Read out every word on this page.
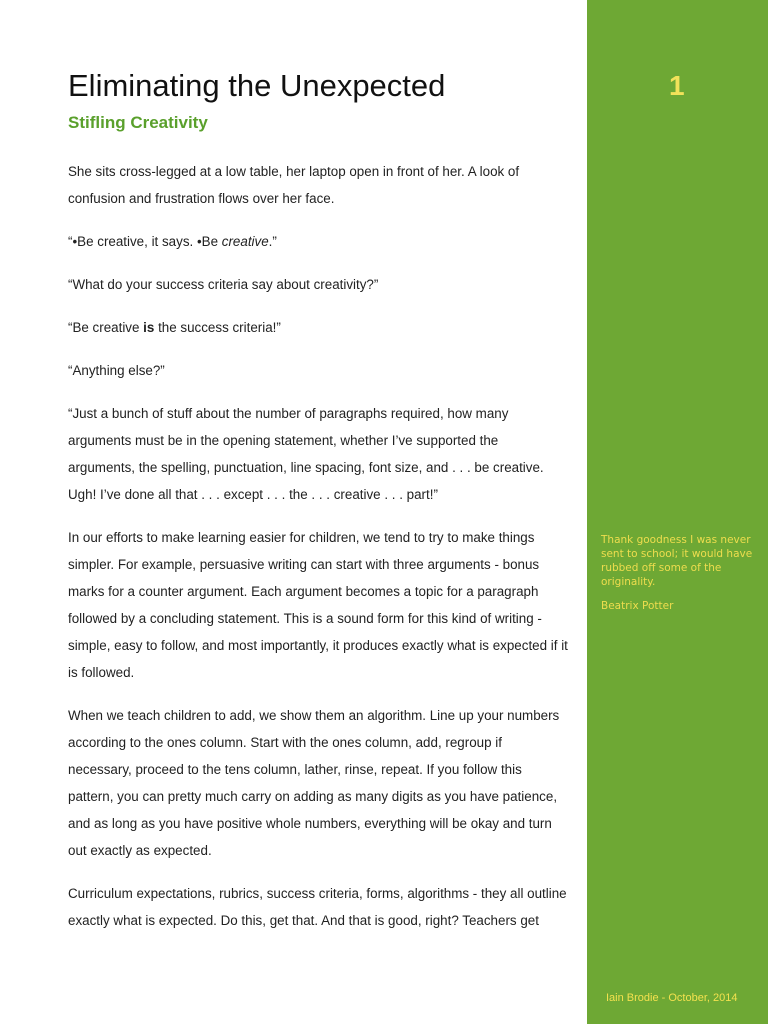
Eliminating the Unexpected
Stifling Creativity

She sits cross-legged at a low table, her laptop open in front of her. A look of confusion and frustration flows over her face.

“•Be creative, it says. •Be creative.”

“What do your success criteria say about creativity?”

“Be creative is the success criteria!”

“Anything else?”

“Just a bunch of stuff about the number of paragraphs required, how many arguments must be in the opening statement, whether I’ve supported the arguments, the spelling, punctuation, line spacing, font size, and . . . be creative. Ugh! I’ve done all that . . . except . . . the . . . creative . . . part!”

In our efforts to make learning easier for children, we tend to try to make things simpler. For example, persuasive writing can start with three arguments - bonus marks for a counter argument. Each argument becomes a topic for a paragraph followed by a concluding statement. This is a sound form for this kind of writing - simple, easy to follow, and most importantly, it produces exactly what is expected if it is followed.

When we teach children to add, we show them an algorithm. Line up your numbers according to the ones column. Start with the ones column, add, regroup if necessary, proceed to the tens column, lather, rinse, repeat. If you follow this pattern, you can pretty much carry on adding as many digits as you have patience, and as long as you have positive whole numbers, everything will be okay and turn out exactly as expected.

Curriculum expectations, rubrics, success criteria, forms, algorithms - they all outline exactly what is expected. Do this, get that. And that is good, right? Teachers get

1

Thank goodness I was never sent to school; it would have rubbed off some of the originality.

Beatrix Potter

Iain Brodie - October, 2014
